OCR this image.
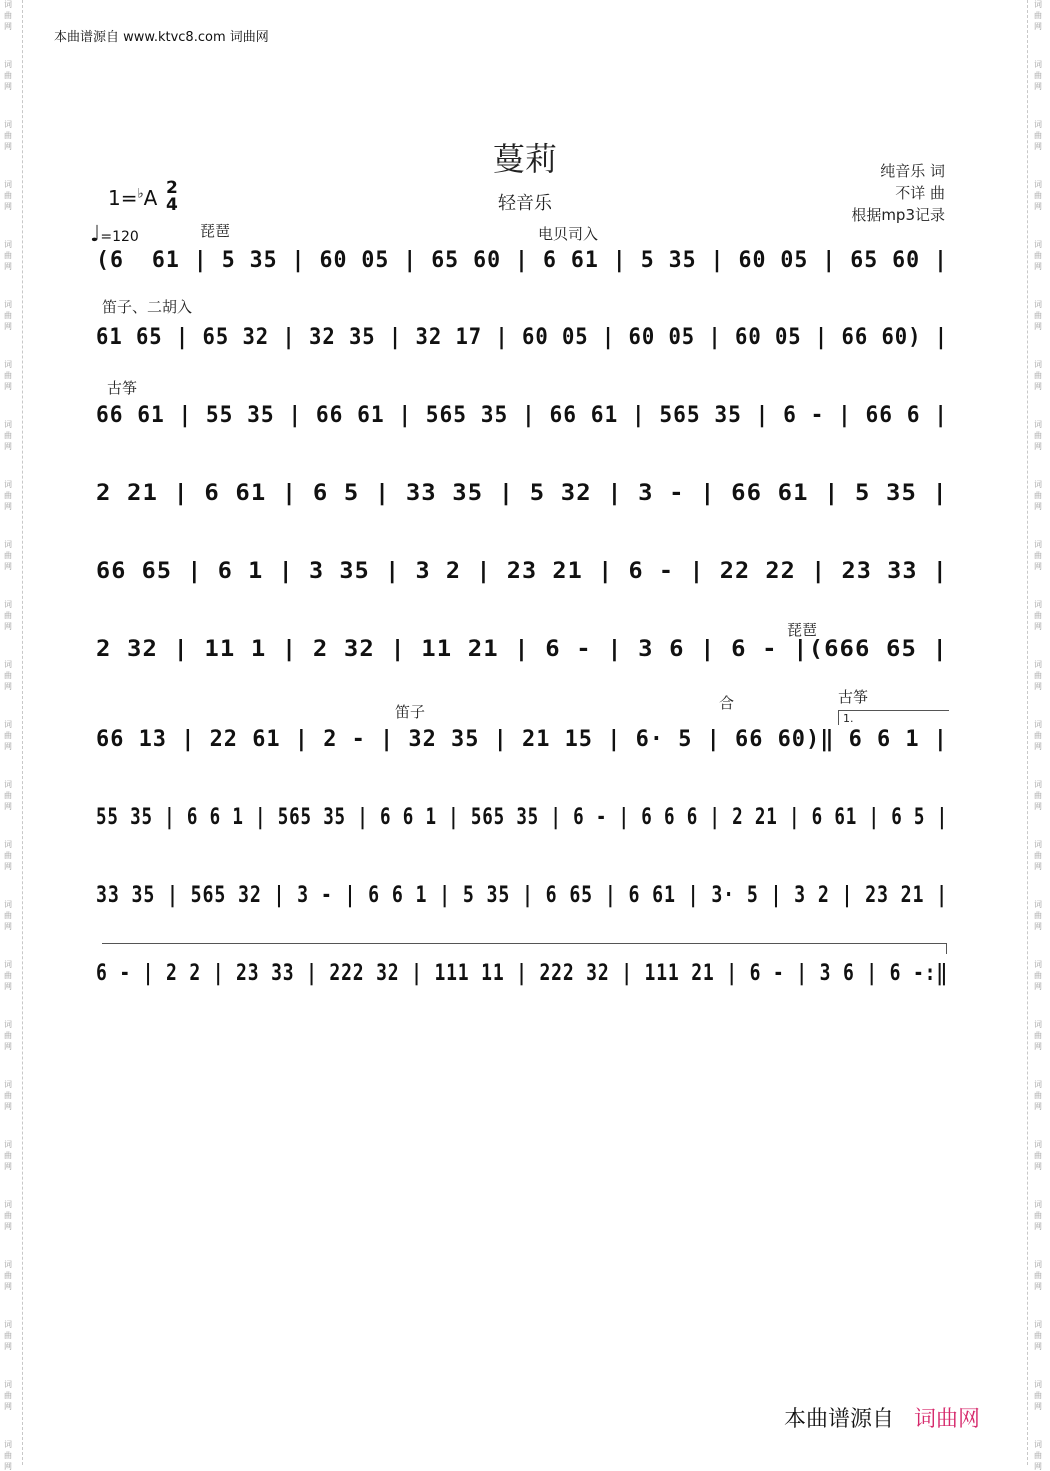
词
曲
网
词
曲
网
词
曲
网
词
曲
网
词
曲
网
词
曲
网
词
曲
网
词
曲
网
词
曲
网
词
曲
网
词
曲
网
词
曲
网
词
曲
网
词
曲
网
词
曲
网
词
曲
网
词
曲
网
词
曲
网
词
曲
网
词
曲
网
词
曲
网
词
曲
网
词
曲
网
词
曲
网
词
曲
网
词
曲
网
词
曲
网
词
曲
网
词
曲
网
词
曲
网
词
曲
网
词
曲
网
词
曲
网
词
曲
网
词
曲
网
词
曲
网
词
曲
网
词
曲
网
词
曲
网
词
曲
网
词
曲
网
词
曲
网
词
曲
网
词
曲
网
词
曲
网
词
曲
网
词
曲
网
词
曲
网
词
曲
网
词
曲
网
本曲谱源自 www.ktvc8.com 词曲网
蔓莉
轻音乐
纯音乐 词
不详 曲
根据mp3记录
1=♭A 2
4
♩=120	琵琶	电贝司入
笛子、二胡入
古筝
琵琶
笛子	合	古筝
1.
(6  61 | 5 35 | 60 05 | 65 60 | 6 61 | 5 35 | 60 05 | 65 60 |
61 65 | 65 32 | 32 35 | 32 17 | 60 05 | 60 05 | 60 05 | 66 60) |
66 61 | 55 35 | 66 61 | 565 35 | 66 61 | 565 35 | 6 - | 66 6 |
2 21 | 6 61 | 6 5 | 33 35 | 5 32 | 3 - | 66 61 | 5 35 |
66 65 | 6 1 | 3 35 | 3 2 | 23 21 | 6 - | 22 22 | 23 33 |
2 32 | 11 1 | 2 32 | 11 21 | 6 - | 3 6 | 6 - |(666 65 |
66 13 | 22 61 | 2 - | 32 35 | 21 15 | 6· 5 | 66 60)‖ 6 6 1 |
55 35 | 6 6 1 | 565 35 | 6 6 1 | 565 35 | 6 - | 6 6 6 | 2 21 | 6 61 | 6 5 |
33 35 | 565 32 | 3 - | 6 6 1 | 5 35 | 6 65 | 6 61 | 3· 5 | 3 2 | 23 21 |
6 - | 2 2 | 23 33 | 222 32 | 111 11 | 222 32 | 111 21 | 6 - | 3 6 | 6 -:‖
本曲谱源自 词曲网
